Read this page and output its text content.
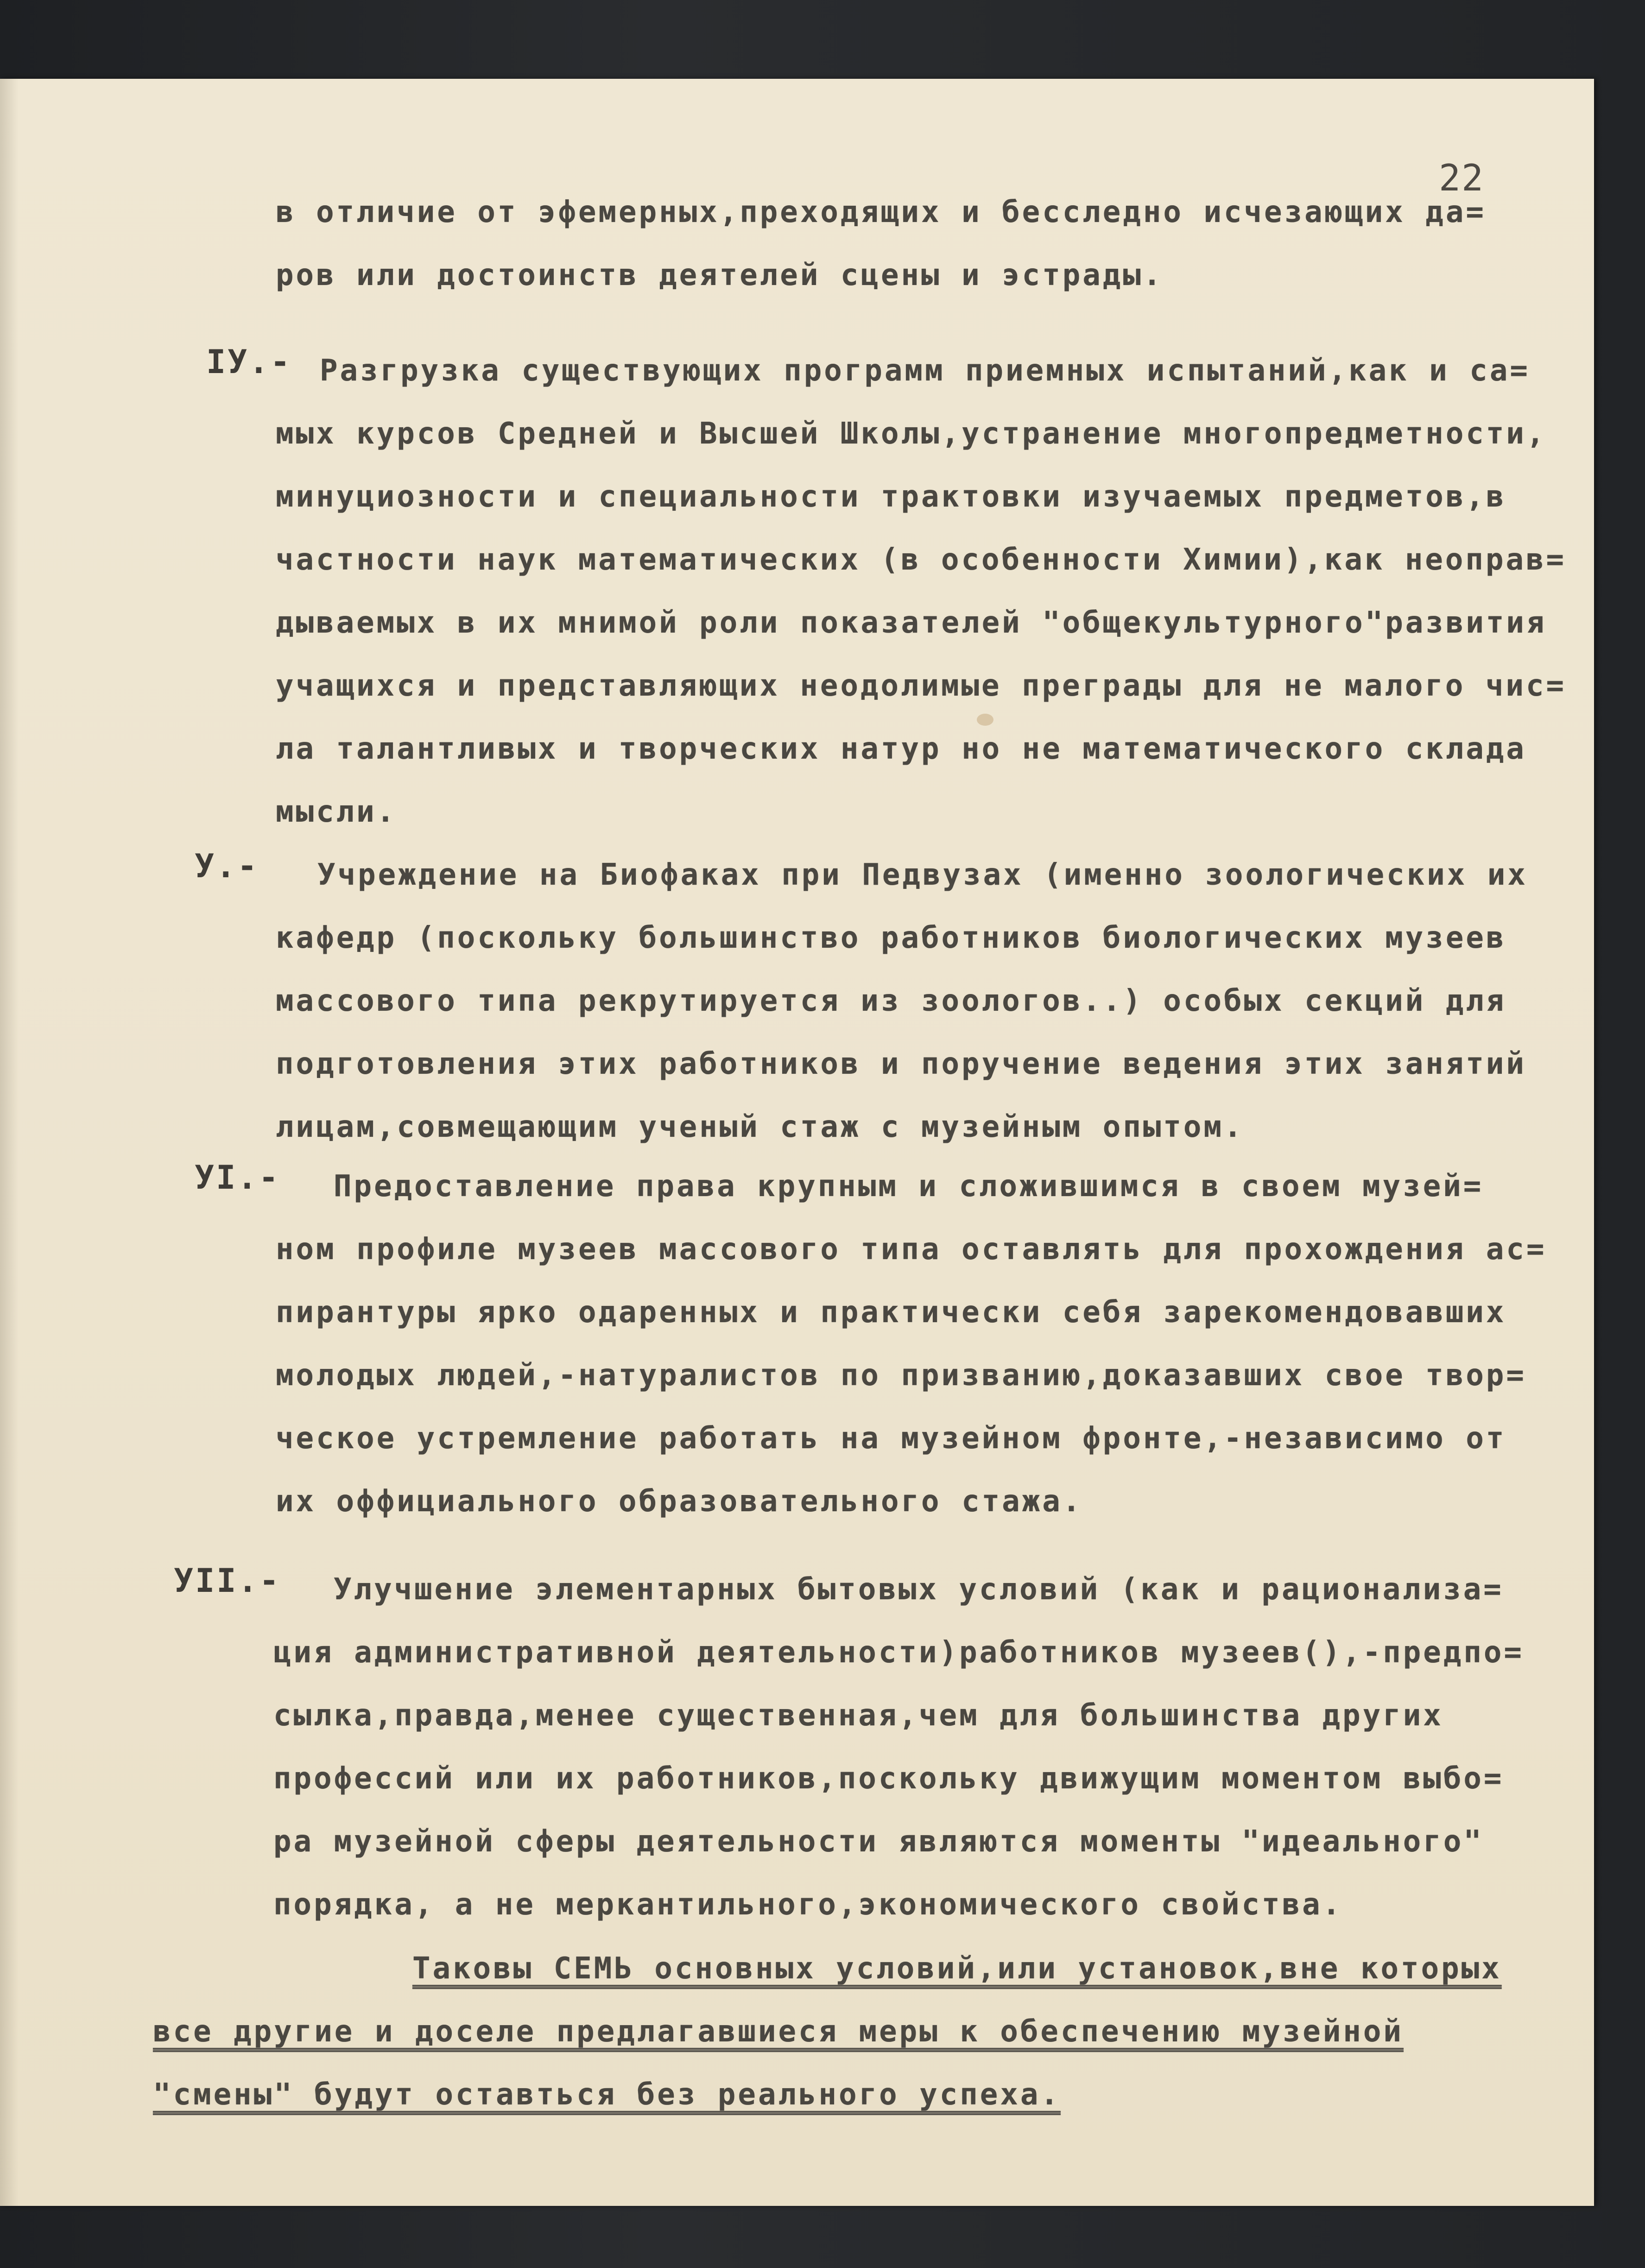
22
в отличие от эфемерных,преходящих и бесследно исчезающих да=
ров или достоинств деятелей сцены и эстрады.
IУ.- Разгрузка существующих программ приемных испытаний,как и са=
мых курсов Средней и Высшей Школы,устранение многопредметности,
минуциозности и специальности трактовки изучаемых предметов,в
частности наук математических (в особенности Химии),как неоправ=
дываемых в их мнимой роли показателей "общекультурного"развития
учащихся и представляющих неодолимые преграды для не малого чис=
ла талантливых и творческих натур но не математического склада
мысли.
У.- Учреждение на Биофаках при Педвузах (именно зоологических их
кафедр (поскольку большинство работников биологических музеев
массового типа рекрутируется из зоологов..) особых секций для
подготовления этих работников и поручение ведения этих занятий
лицам,совмещающим ученый стаж с музейным опытом.
УI.- Предоставление права крупным и сложившимся в своем музей=
ном профиле музеев массового типа оставлять для прохождения ас=
пирантуры ярко одаренных и практически себя зарекомендовавших
молодых людей,-натуралистов по призванию,доказавших свое твор=
ческое устремление работать на музейном фронте,-независимо от
их оффициального образовательного стажа.
УII.- Улучшение элементарных бытовых условий (как и рационализа=
ция административной деятельности)работников музеев(),-предпо=
сылка,правда,менее существенная,чем для большинства других
профессий или их работников,поскольку движущим моментом выбо=
ра музейной сферы деятельности являются моменты "идеального"
порядка, а не меркантильного,экономического свойства.
Таковы СЕМЬ основных условий,или установок,вне которых
все другие и доселе предлагавшиеся меры к обеспечению музейной
"смены" будут оставться без реального успеха.
